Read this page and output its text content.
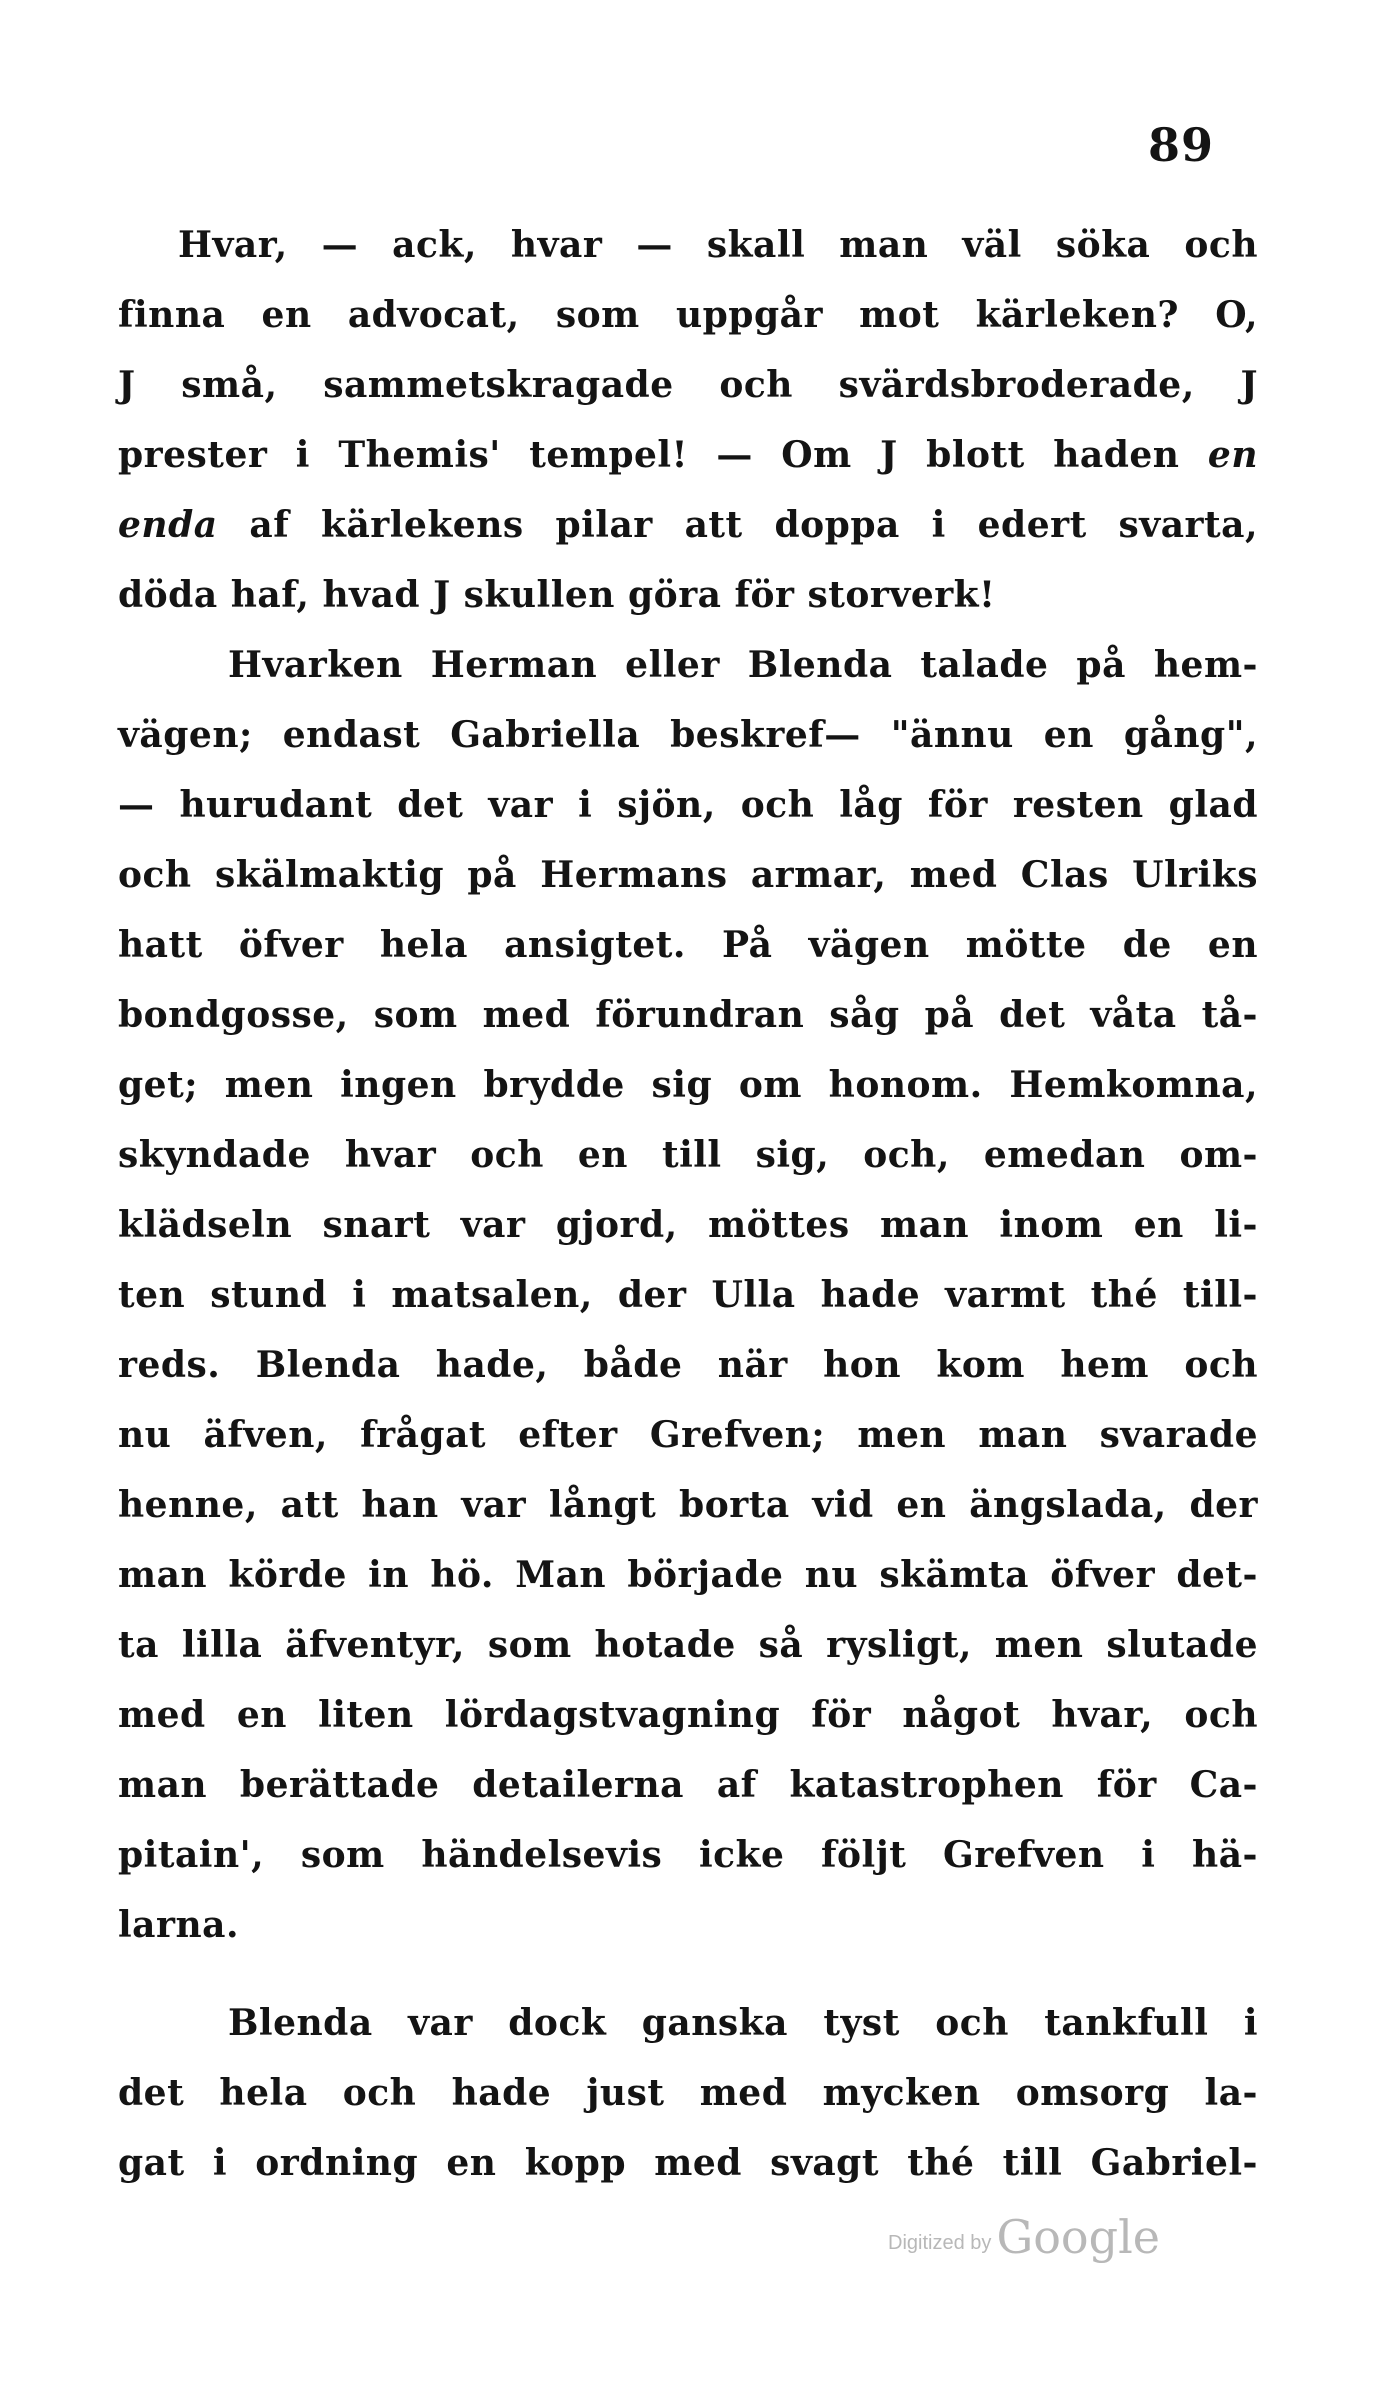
89
Hvar, — ack, hvar — skall man väl söka och
finna en advocat, som uppgår mot kärleken? O,
J små, sammetskragade och svärdsbroderade, J
prester i Themis' tempel! — Om J blott haden en
enda af kärlekens pilar att doppa i edert svarta,
döda haf, hvad J skullen göra för storverk!
Hvarken Herman eller Blenda talade på hem-
vägen; endast Gabriella beskref— "ännu en gång",
— hurudant det var i sjön, och låg för resten glad
och skälmaktig på Hermans armar, med Clas Ulriks
hatt öfver hela ansigtet. På vägen mötte de en
bondgosse, som med förundran såg på det våta tå-
get; men ingen brydde sig om honom. Hemkomna,
skyndade hvar och en till sig, och, emedan om-
klädseln snart var gjord, möttes man inom en li-
ten stund i matsalen, der Ulla hade varmt thé till-
reds. Blenda hade, både när hon kom hem och
nu äfven, frågat efter Grefven; men man svarade
henne, att han var långt borta vid en ängslada, der
man körde in hö. Man började nu skämta öfver det-
ta lilla äfventyr, som hotade så rysligt, men slutade
med en liten lördagstvagning för något hvar, och
man berättade detailerna af katastrophen för Ca-
pitain', som händelsevis icke följt Grefven i hä-
larna.
Blenda var dock ganska tyst och tankfull i
det hela och hade just med mycken omsorg la-
gat i ordning en kopp med svagt thé till Gabriel-
Digitized by Google
